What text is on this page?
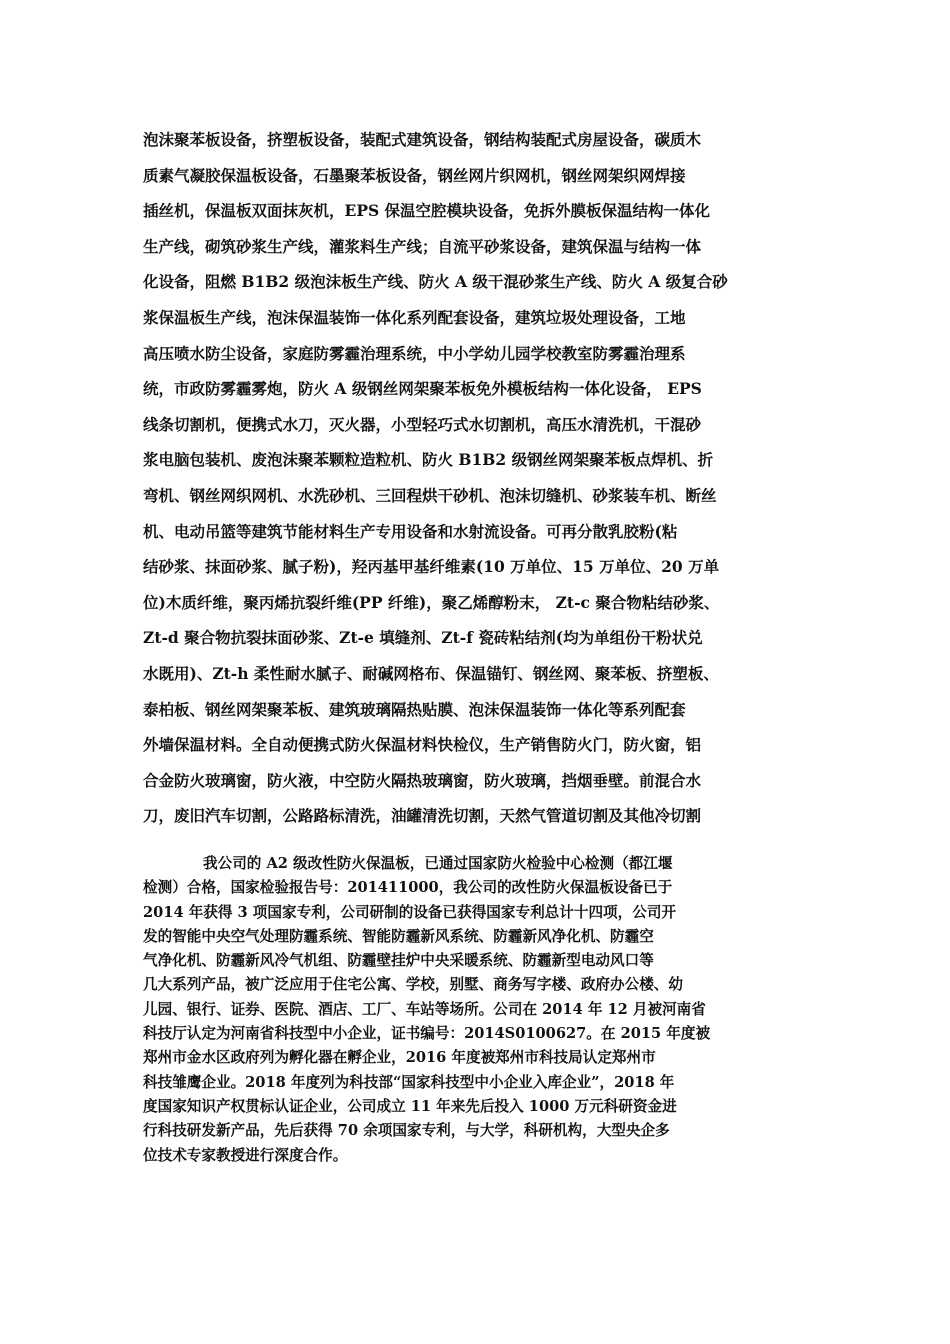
泡沫聚苯板设备，挤塑板设备，装配式建筑设备，钢结构装配式房屋设备，碳质木
质素气凝胶保温板设备，石墨聚苯板设备，钢丝网片织网机，钢丝网架织网焊接
插丝机，保温板双面抹灰机，EPS 保温空腔模块设备，免拆外膜板保温结构一体化
生产线，砌筑砂浆生产线，灌浆料生产线；自流平砂浆设备，建筑保温与结构一体
化设备，阻燃 B1B2 级泡沫板生产线、防火 A 级干混砂浆生产线、防火 A 级复合砂
浆保温板生产线，泡沫保温装饰一体化系列配套设备，建筑垃圾处理设备，工地
高压喷水防尘设备，家庭防雾霾治理系统，中小学幼儿园学校教室防雾霾治理系
统，市政防雾霾雾炮，防火 A 级钢丝网架聚苯板免外模板结构一体化设备， EPS
线条切割机，便携式水刀，灭火器，小型轻巧式水切割机，高压水清洗机，干混砂
浆电脑包装机、废泡沫聚苯颗粒造粒机、防火 B1B2 级钢丝网架聚苯板点焊机、折
弯机、钢丝网织网机、水洗砂机、三回程烘干砂机、泡沫切缝机、砂浆装车机、断丝
机、电动吊篮等建筑节能材料生产专用设备和水射流设备。可再分散乳胶粉(粘
结砂浆、抹面砂浆、腻子粉)，羟丙基甲基纤维素(10 万单位、15 万单位、20 万单
位)木质纤维，聚丙烯抗裂纤维(PP 纤维)，聚乙烯醇粉末， Zt-c 聚合物粘结砂浆、
Zt-d 聚合物抗裂抹面砂浆、Zt-e 填缝剂、Zt-f 瓷砖粘结剂(均为单组份干粉状兑
水既用)、Zt-h 柔性耐水腻子、耐碱网格布、保温锚钉、钢丝网、聚苯板、挤塑板、
泰柏板、钢丝网架聚苯板、建筑玻璃隔热贴膜、泡沫保温装饰一体化等系列配套
外墙保温材料。全自动便携式防火保温材料快检仪，生产销售防火门，防火窗，铝
合金防火玻璃窗，防火液，中空防火隔热玻璃窗，防火玻璃，挡烟垂壁。前混合水
刀，废旧汽车切割，公路路标清洗，油罐清洗切割，天然气管道切割及其他冷切割

我公司的 A2 级改性防火保温板，已通过国家防火检验中心检测（都江堰
检测）合格，国家检验报告号：201411000，我公司的改性防火保温板设备已于
2014 年获得 3 项国家专利，公司研制的设备已获得国家专利总计十四项，公司开
发的智能中央空气处理防霾系统、智能防霾新风系统、防霾新风净化机、防霾空
气净化机、防霾新风冷气机组、防霾壁挂炉中央采暖系统、防霾新型电动风口等
几大系列产品，被广泛应用于住宅公寓、学校，别墅、商务写字楼、政府办公楼、幼
儿园、银行、证券、医院、酒店、工厂、车站等场所。公司在 2014 年 12 月被河南省
科技厅认定为河南省科技型中小企业，证书编号：2014S0100627。在 2015 年度被
郑州市金水区政府列为孵化器在孵企业，2016 年度被郑州市科技局认定郑州市
科技雏鹰企业。2018 年度列为科技部“国家科技型中小企业入库企业”，2018 年
度国家知识产权贯标认证企业，公司成立 11 年来先后投入 1000 万元科研资金进
行科技研发新产品，先后获得 70 余项国家专利，与大学，科研机构，大型央企多
位技术专家教授进行深度合作。
